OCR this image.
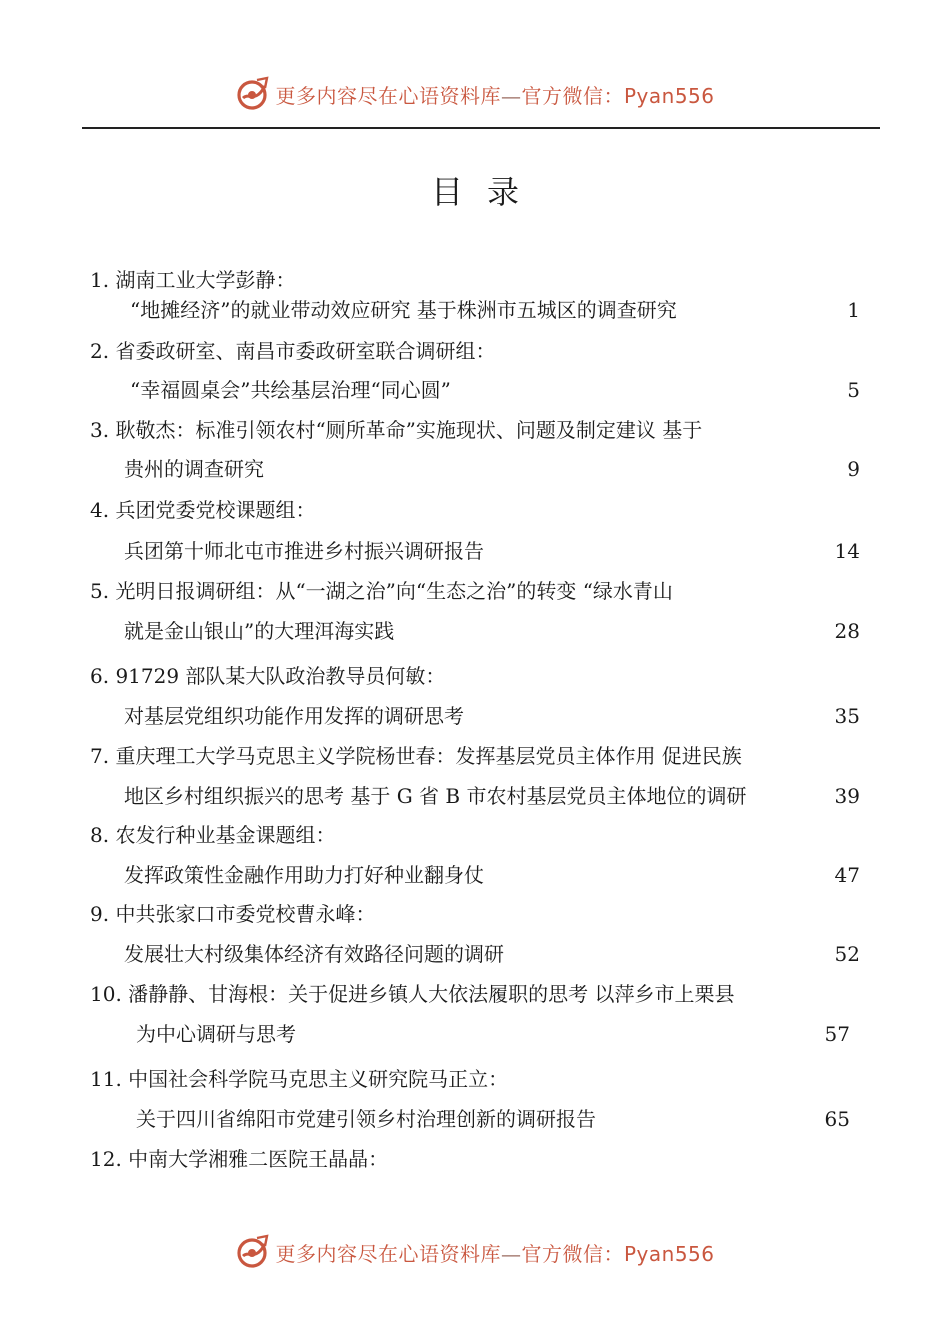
更多内容尽在心语资料库—官方微信：Pyan556
目录
1. 湖南工业大学彭静：
“地摊经济”的就业带动效应研究 基于株洲市五城区的调查研究	1
2. 省委政研室、南昌市委政研室联合调研组：
“幸福圆桌会”共绘基层治理“同心圆”	5
3. 耿敬杰：标准引领农村“厕所革命”实施现状、问题及制定建议 基于
贵州的调查研究	9
4. 兵团党委党校课题组：
兵团第十师北屯市推进乡村振兴调研报告	14
5. 光明日报调研组：从“一湖之治”向“生态之治”的转变 “绿水青山
就是金山银山”的大理洱海实践	28
6. 91729 部队某大队政治教导员何敏：
对基层党组织功能作用发挥的调研思考	35
7. 重庆理工大学马克思主义学院杨世春：发挥基层党员主体作用 促进民族
地区乡村组织振兴的思考 基于 G 省 B 市农村基层党员主体地位的调研	39
8. 农发行种业基金课题组：
发挥政策性金融作用助力打好种业翻身仗	47
9. 中共张家口市委党校曹永峰：
发展壮大村级集体经济有效路径问题的调研	52
10. 潘静静、甘海根：关于促进乡镇人大依法履职的思考 以萍乡市上栗县
为中心调研与思考	57
11. 中国社会科学院马克思主义研究院马正立：
关于四川省绵阳市党建引领乡村治理创新的调研报告	65
12. 中南大学湘雅二医院王晶晶：
更多内容尽在心语资料库—官方微信：Pyan556
